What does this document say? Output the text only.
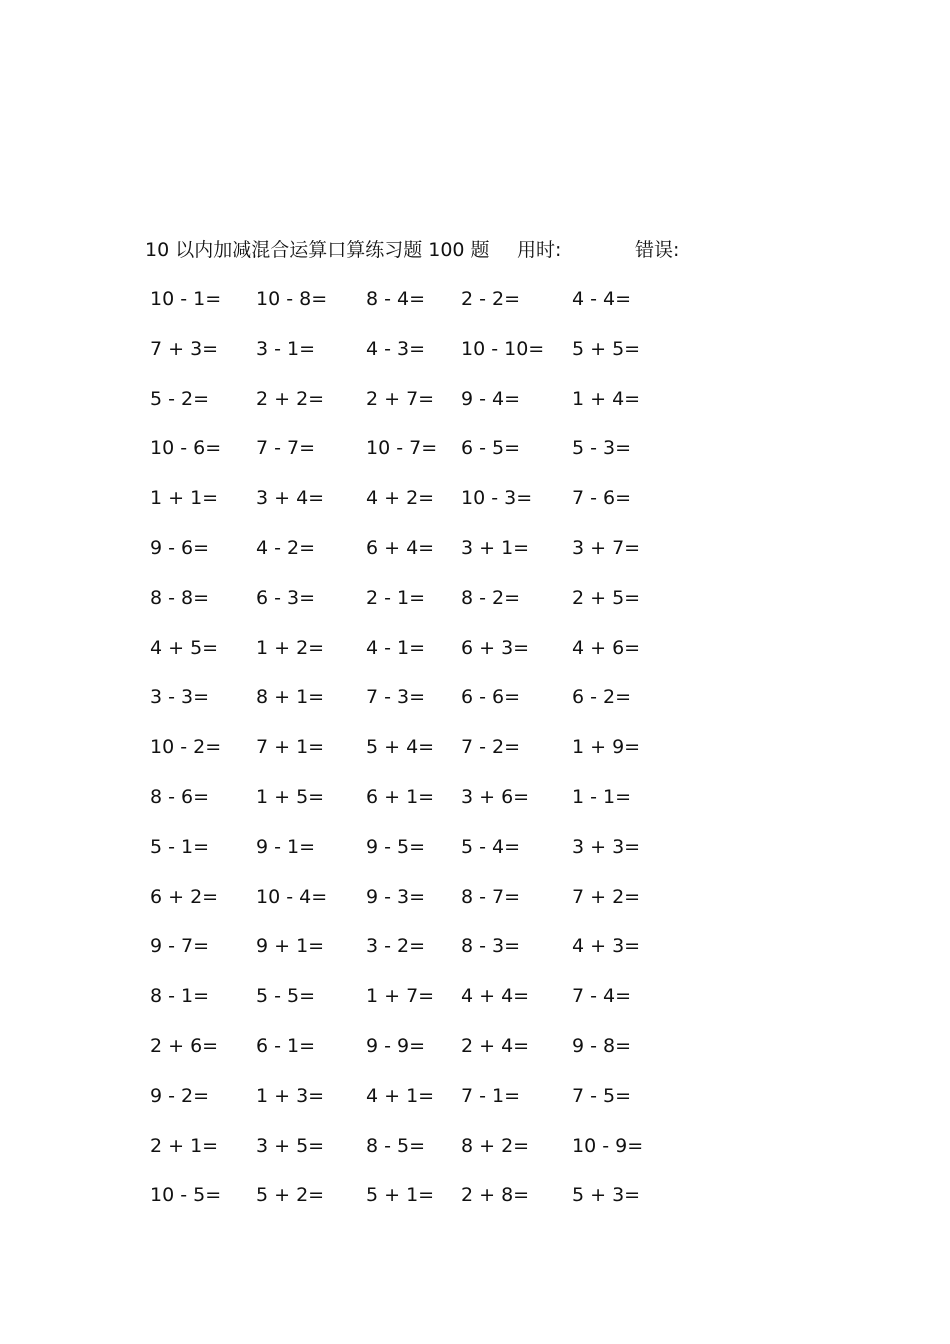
10 以内加减混合运算口算练习题 100 题 用时:	错误:
10 - 1= 10 - 8= 8 - 4= 2 - 2=	4 - 4=
7 + 3= 3 - 1=	4 - 3= 10 - 10= 5 + 5=
5 - 2= 2 + 2= 2 + 7= 9 - 4=	1 + 4=
10 - 6= 7 - 7=	10 - 7= 6 - 5=	5 - 3=
1 + 1= 3 + 4= 4 + 2= 10 - 3= 7 - 6=
9 - 6= 4 - 2=	6 + 4= 3 + 1= 3 + 7=
8 - 8= 6 - 3=	2 - 1= 8 - 2=	2 + 5=
4 + 5= 1 + 2= 4 - 1= 6 + 3= 4 + 6=
3 - 3= 8 + 1= 7 - 3= 6 - 6=	6 - 2=
10 - 2= 7 + 1= 5 + 4= 7 - 2=	1 + 9=
8 - 6= 1 + 5= 6 + 1= 3 + 6= 1 - 1=
5 - 1= 9 - 1=	9 - 5= 5 - 4=	3 + 3=
6 + 2= 10 - 4= 9 - 3= 8 - 7=	7 + 2=
9 - 7= 9 + 1= 3 - 2= 8 - 3=	4 + 3=
8 - 1= 5 - 5=	1 + 7= 4 + 4= 7 - 4=
2 + 6= 6 - 1=	9 - 9= 2 + 4= 9 - 8=
9 - 2= 1 + 3= 4 + 1= 7 - 1=	7 - 5=
2 + 1= 3 + 5= 8 - 5= 8 + 2= 10 - 9=
10 - 5= 5 + 2= 5 + 1= 2 + 8= 5 + 3=
